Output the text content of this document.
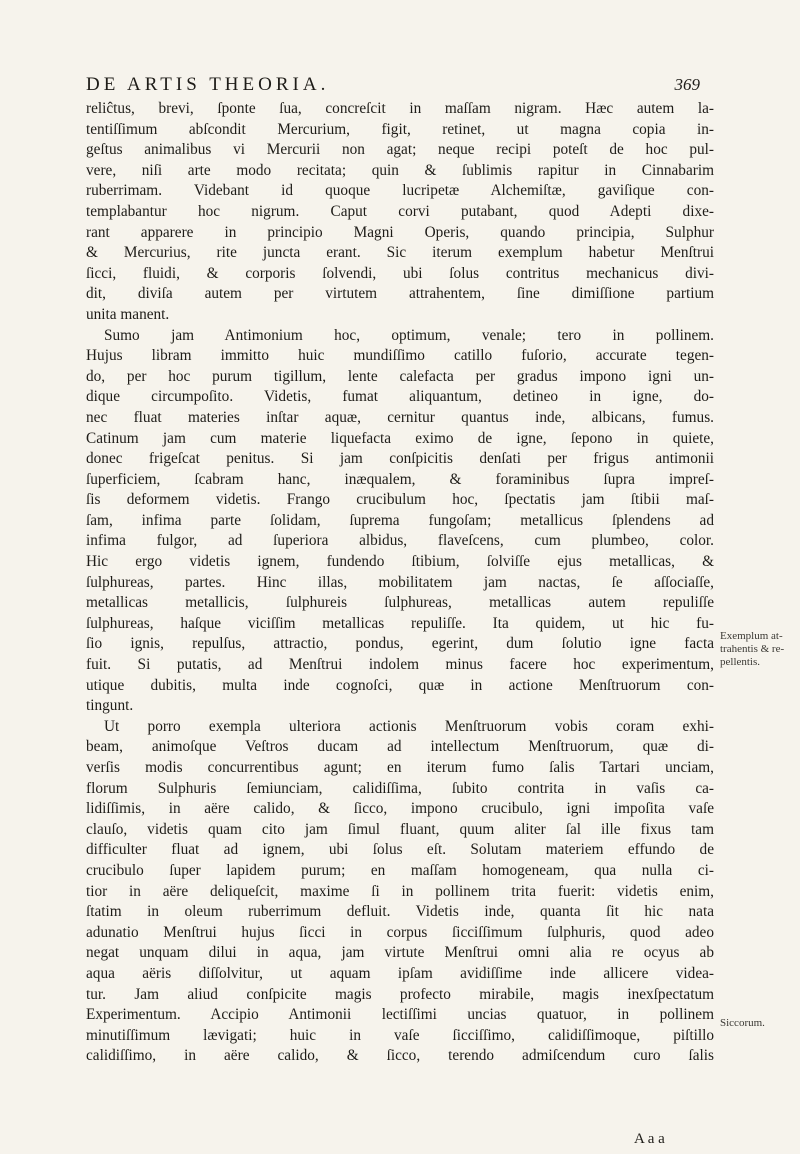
DE ARTIS THEORIA.	369
reliĉtus, brevi, ſponte ſua, concreſcit in maſſam nigram. Hæc autem la-
tentiſſimum abſcondit Mercurium, figit, retinet, ut magna copia in-
geſtus animalibus vi Mercurii non agat; neque recipi poteſt de hoc pul-
vere, niſi arte modo recitata; quin & ſublimis rapitur in Cinnabarim
ruberrimam. Videbant id quoque lucripetæ Alchemiſtæ, gaviſique con-
templabantur hoc nigrum. Caput corvi putabant, quod Adepti dixe-
rant apparere in principio Magni Operis, quando principia, Sulphur
& Mercurius, rite juncta erant. Sic iterum exemplum habetur Menſtrui
ſicci, fluidi, & corporis ſolvendi, ubi ſolus contritus mechanicus divi-
dit, diviſa autem per virtutem attrahentem, ſine dimiſſione partium
unita manent.
Sumo jam Antimonium hoc, optimum, venale; tero in pollinem.
Hujus libram immitto huic mundiſſimo catillo fuſorio, accurate tegen-
do, per hoc purum tigillum, lente calefacta per gradus impono igni un-
dique circumpoſito. Videtis, fumat aliquantum, detineo in igne, do-
nec fluat materies inſtar aquæ, cernitur quantus inde, albicans, fumus.
Catinum jam cum materie liquefacta eximo de igne, ſepono in quiete,
donec frigeſcat penitus. Si jam conſpicitis denſati per frigus antimonii
ſuperficiem, ſcabram hanc, inæqualem, & foraminibus ſupra impreſ-
ſis deformem videtis. Frango crucibulum hoc, ſpectatis jam ſtibii maſ-
ſam, infima parte ſolidam, ſuprema fungoſam; metallicus ſplendens ad
infima fulgor, ad ſuperiora albidus, flaveſcens, cum plumbeo, color.
Hic ergo videtis ignem, fundendo ſtibium, ſolviſſe ejus metallicas, &
ſulphureas, partes. Hinc illas, mobilitatem jam nactas, ſe aſſociaſſe,
metallicas metallicis, ſulphureis ſulphureas, metallicas autem repuliſſe
ſulphureas, haſque viciſſim metallicas repuliſſe. Ita quidem, ut hic fu-
ſio ignis, repulſus, attractio, pondus, egerint, dum ſolutio igne facta
fuit. Si putatis, ad Menſtrui indolem minus facere hoc experimentum,
utique dubitis, multa inde cognoſci, quæ in actione Menſtruorum con-
tingunt.
Ut porro exempla ulteriora actionis Menſtruorum vobis coram exhi-
beam, animoſque Veſtros ducam ad intellectum Menſtruorum, quæ di-
verſis modis concurrentibus agunt; en iterum fumo ſalis Tartari unciam,
florum Sulphuris ſemiunciam, calidiſſima, ſubito contrita in vaſis ca-
lidiſſimis, in aëre calido, & ſicco, impono crucibulo, igni impoſita vaſe
clauſo, videtis quam cito jam ſimul fluant, quum aliter ſal ille fixus tam
difficulter fluat ad ignem, ubi ſolus eſt. Solutam materiem effundo de
crucibulo ſuper lapidem purum; en maſſam homogeneam, qua nulla ci-
tior in aëre deliqueſcit, maxime ſi in pollinem trita fuerit: videtis enim,
ſtatim in oleum ruberrimum defluit. Videtis inde, quanta ſit hic nata
adunatio Menſtrui hujus ſicci in corpus ſicciſſimum ſulphuris, quod adeo
negat unquam dilui in aqua, jam virtute Menſtrui omni alia re ocyus ab
aqua aëris diſſolvitur, ut aquam ipſam avidiſſime inde allicere videa-
tur. Jam aliud conſpicite magis profecto mirabile, magis inexſpectatum
Experimentum. Accipio Antimonii lectiſſimi uncias quatuor, in pollinem
minutiſſimum lævigati; huic in vaſe ſicciſſimo, calidiſſimoque, piſtillo
calidiſſimo, in aëre calido, & ſicco, terendo admiſcendum curo ſalis
Exemplum at-
trahentis & re-
pellentis.
Siccorum.
A a a
